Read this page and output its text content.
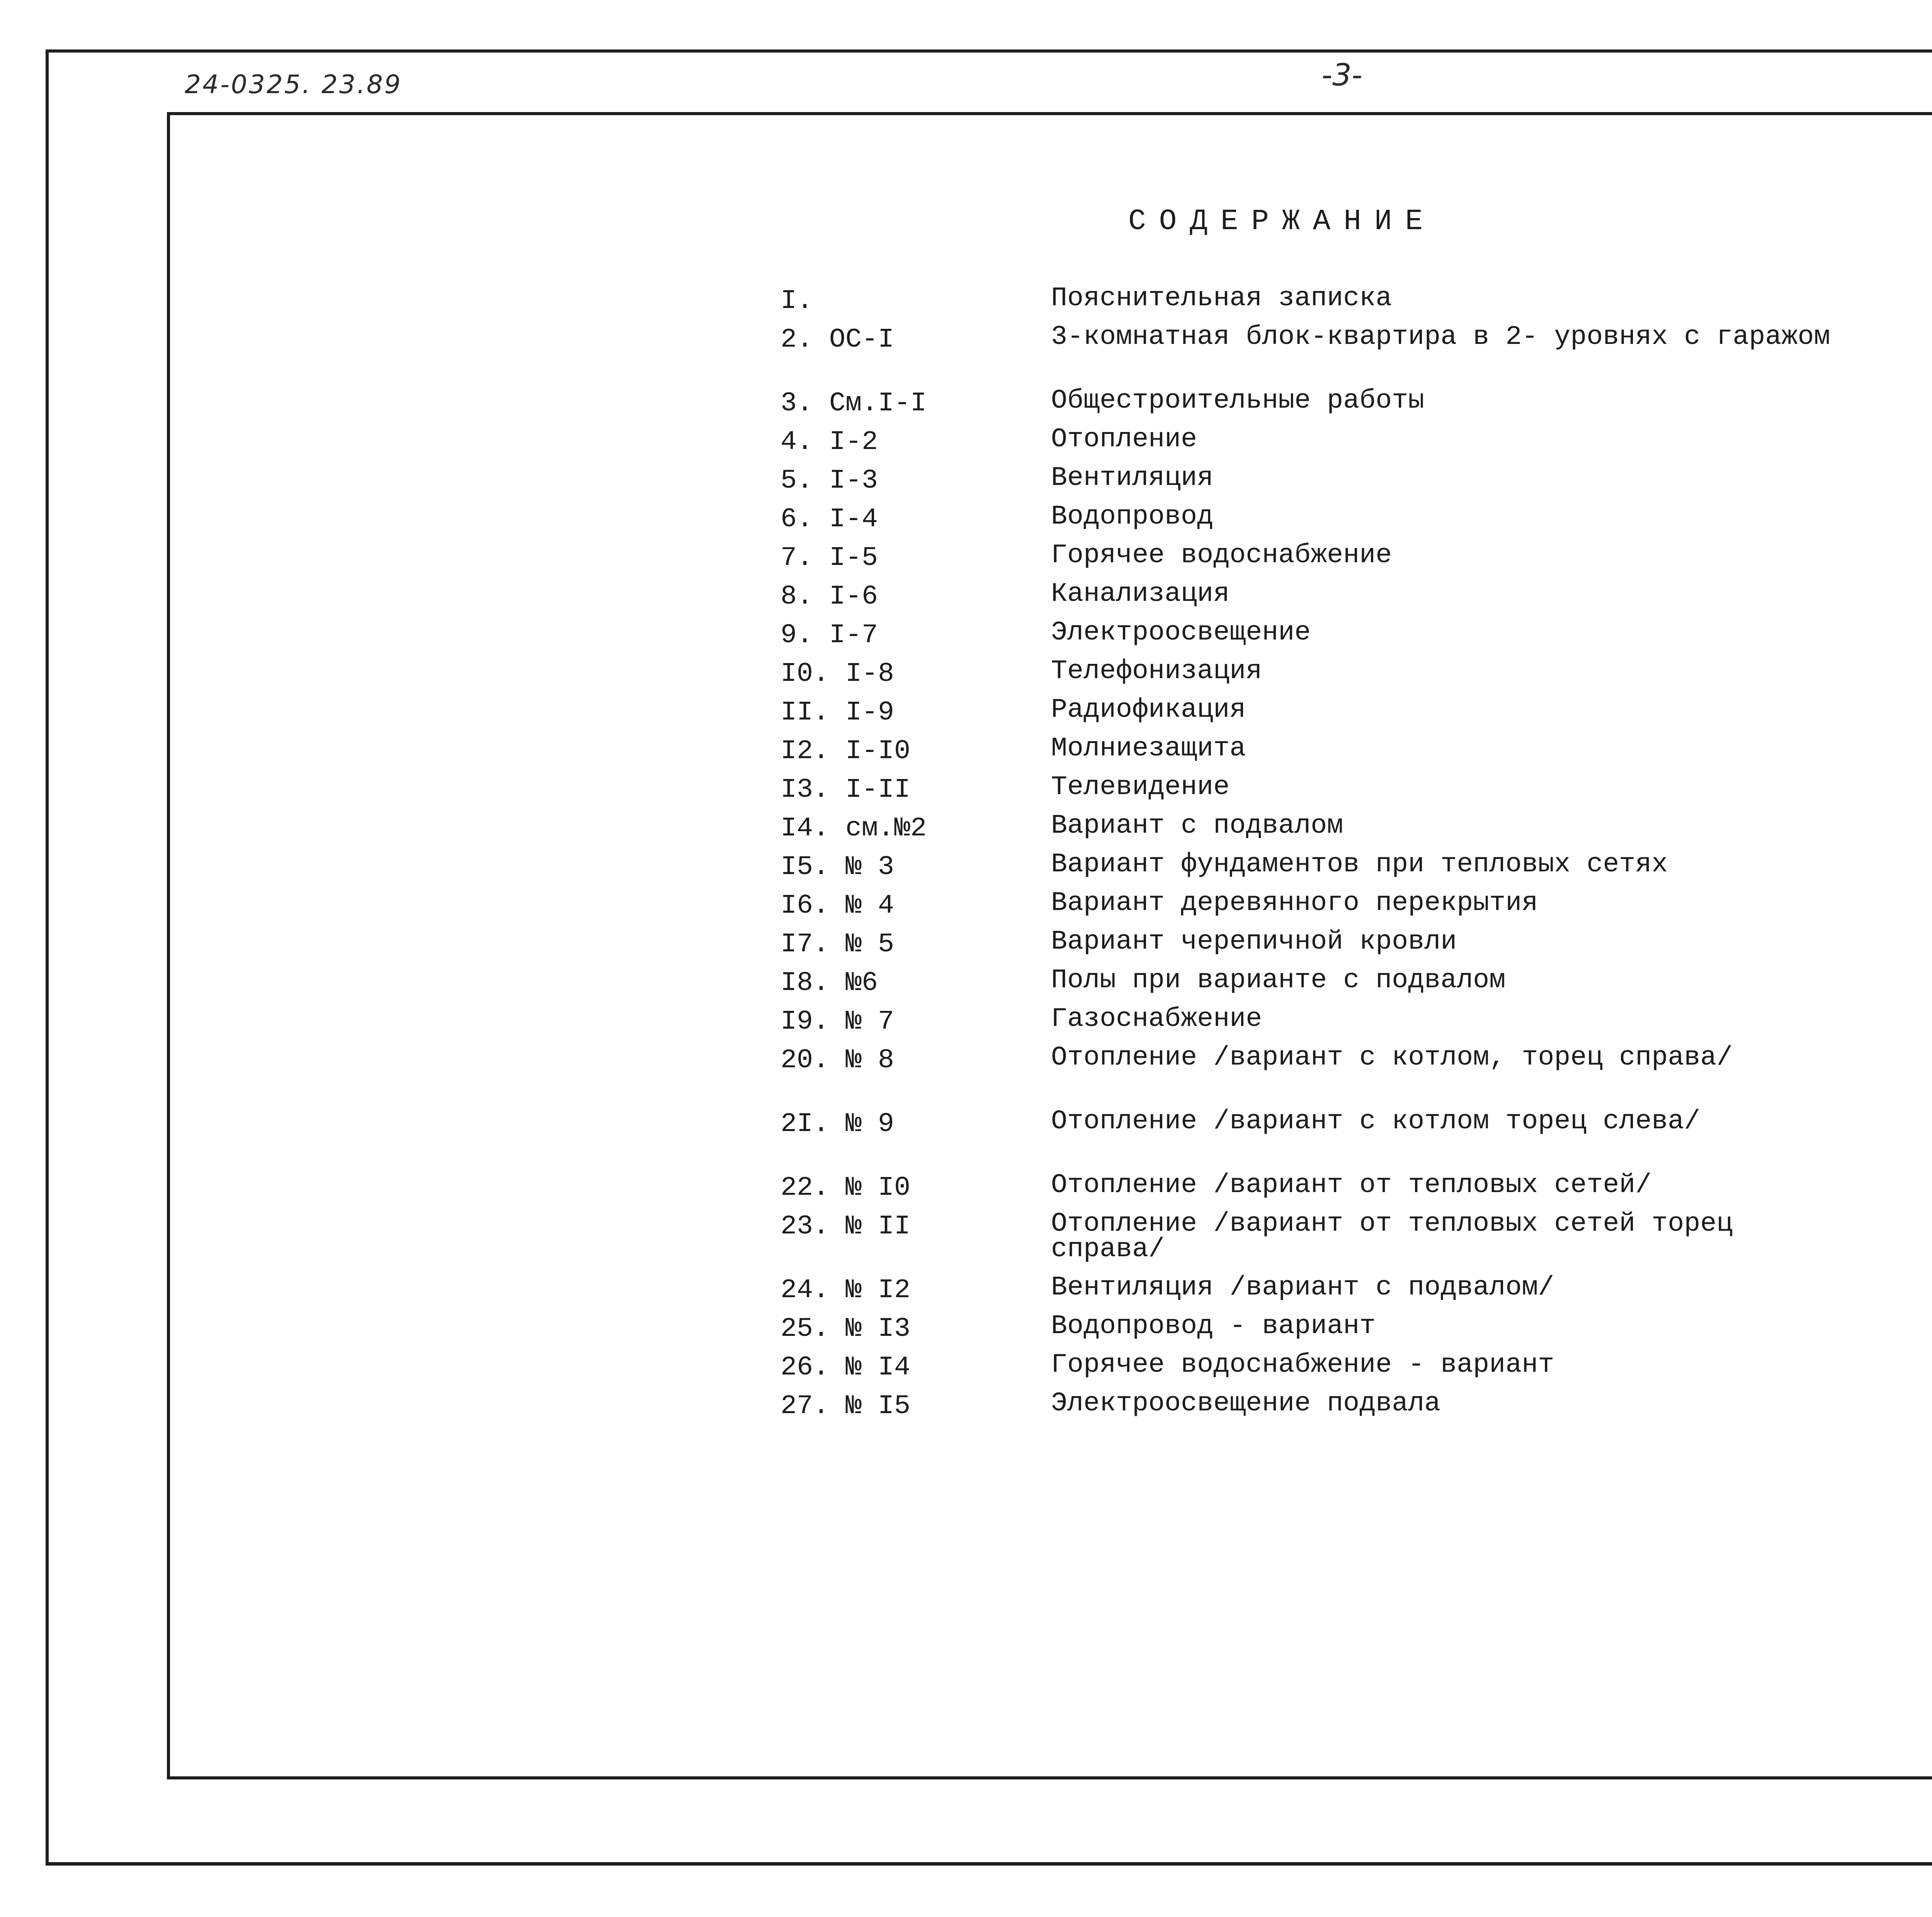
24-0325. 23.89	-3-
СОДЕРЖАНИЕ
I.	Пояснительная записка
2. ОС-I	3-комнатная блок-квартира в 2- уровнях с гаражом
3. См.I-I	Общестроительные работы
4. I-2	Отопление
5. I-3	Вентиляция
6. I-4	Водопровод
7. I-5	Горячее водоснабжение
8. I-6	Канализация
9. I-7	Электроосвещение
I0. I-8	Телефонизация
II. I-9	Радиофикация
I2. I-I0	Молниезащита
I3. I-II	Телевидение
I4. см.№2	Вариант с подвалом
I5. № 3	Вариант фундаментов при тепловых сетях
I6. № 4	Вариант деревянного перекрытия
I7. № 5	Вариант черепичной кровли
I8. №6	Полы при варианте с подвалом
I9. № 7	Газоснабжение
20. № 8	Отопление /вариант с котлом, торец справа/
2I. № 9	Отопление /вариант с котлом торец слева/
22. № I0	Отопление /вариант от тепловых сетей/
23. № II	Отопление /вариант от тепловых сетей торец справа/
24. № I2	Вентиляция /вариант с подвалом/
25. № I3	Водопровод - вариант
26. № I4	Горячее водоснабжение - вариант
27. № I5	Электроосвещение подвала
